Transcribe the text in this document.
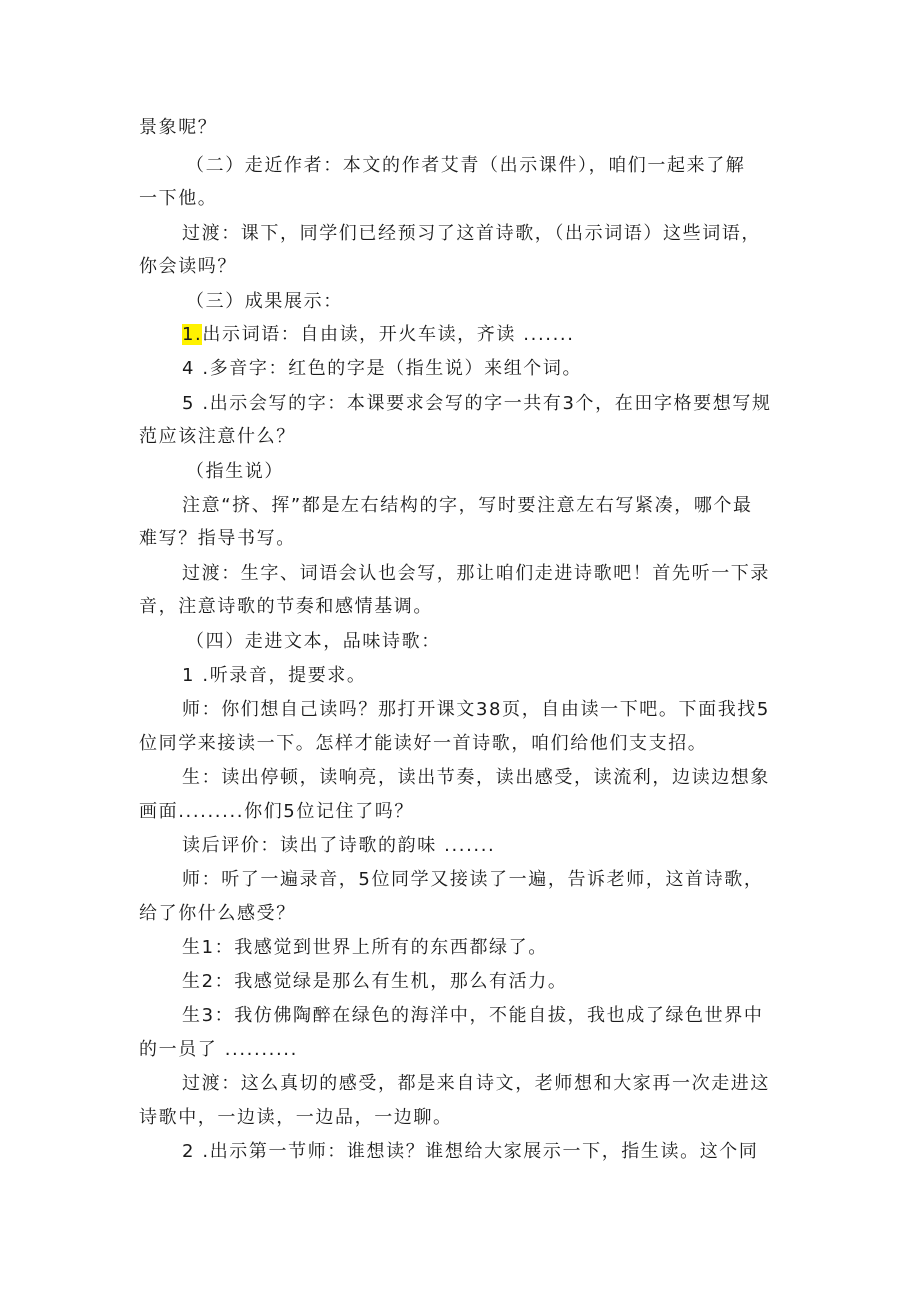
景象呢？
（二）走近作者：本文的作者艾青（出示课件），咱们一起来了解
一下他。
过渡：课下，同学们已经预习了这首诗歌，（出示词语）这些词语，
你会读吗？
（三）成果展示：
1.出示词语：自由读，开火车读，齐读 .......
4 .多音字：红色的字是（指生说）来组个词。
5 .出示会写的字：本课要求会写的字一共有3个，在田字格要想写规
范应该注意什么？
（指生说）
注意“挤、挥”都是左右结构的字，写时要注意左右写紧凑，哪个最
难写？指导书写。
过渡：生字、词语会认也会写，那让咱们走进诗歌吧！首先听一下录
音，注意诗歌的节奏和感情基调。
（四）走进文本，品味诗歌：
1 .听录音，提要求。
师：你们想自己读吗？那打开课文38页，自由读一下吧。下面我找5
位同学来接读一下。怎样才能读好一首诗歌，咱们给他们支支招。
生：读出停顿，读响亮，读出节奏，读出感受，读流利，边读边想象
画面.........你们5位记住了吗？
读后评价：读出了诗歌的韵味 .......
师：听了一遍录音，5位同学又接读了一遍，告诉老师，这首诗歌，
给了你什么感受？
生1：我感觉到世界上所有的东西都绿了。
生2：我感觉绿是那么有生机，那么有活力。
生3：我仿佛陶醉在绿色的海洋中，不能自拔，我也成了绿色世界中
的一员了 ..........
过渡：这么真切的感受，都是来自诗文，老师想和大家再一次走进这
诗歌中，一边读，一边品，一边聊。
2 .出示第一节师：谁想读？谁想给大家展示一下，指生读。这个同
